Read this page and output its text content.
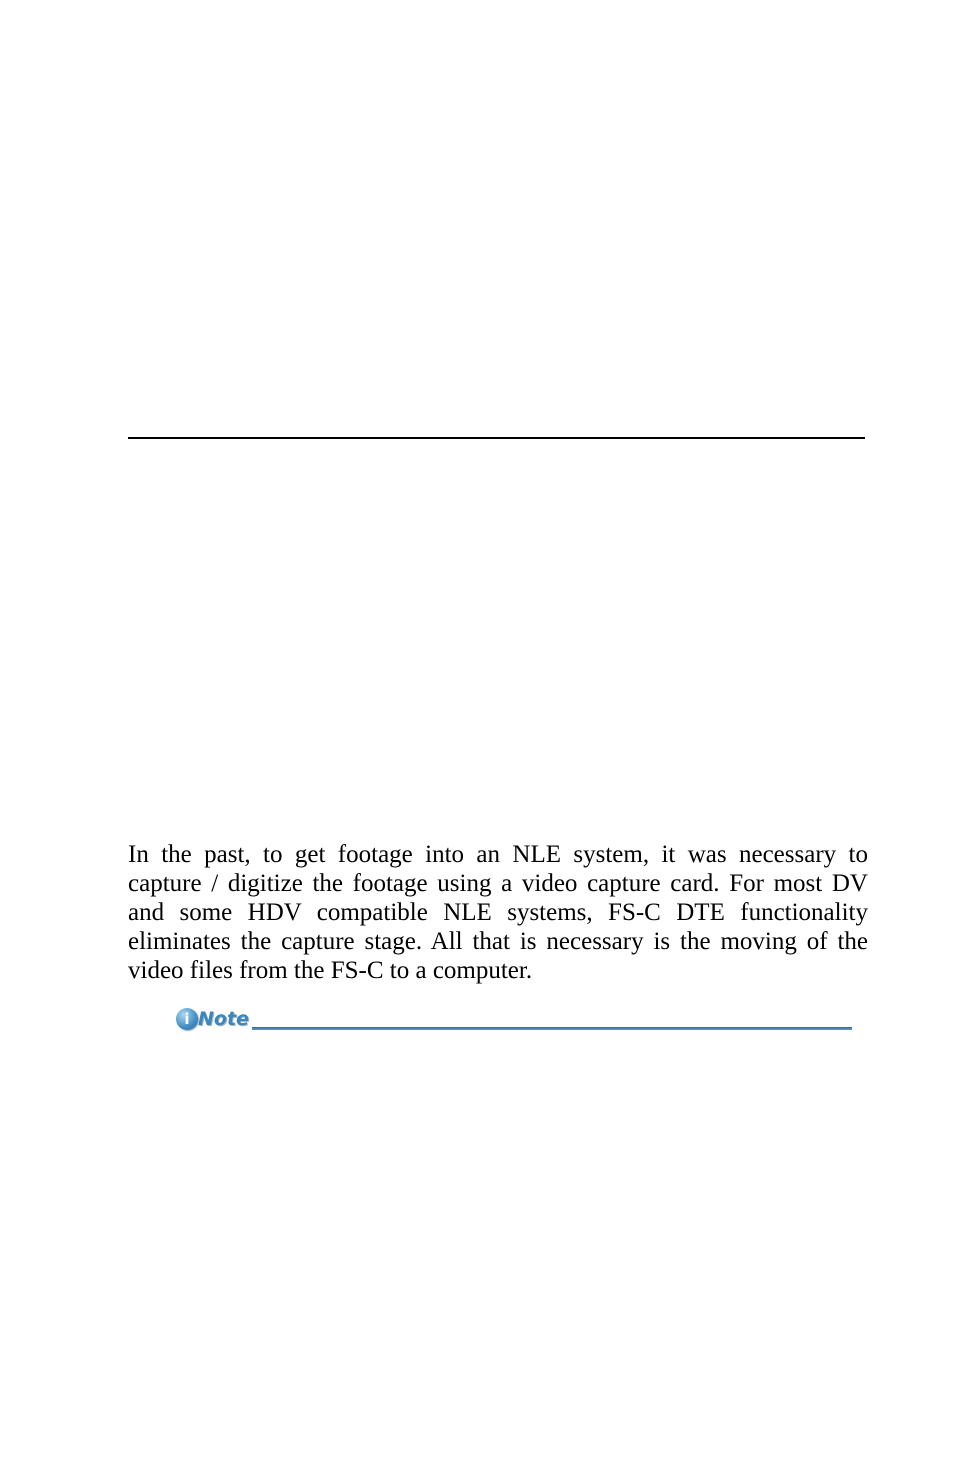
In the past, to get footage into an NLE system, it was necessary to capture / digitize the footage using a video capture card. For most DV and some HDV compatible NLE systems, FS-C DTE functionality eliminates the capture stage. All that is necessary is the moving of the video files from the FS-C to a computer.

i Note
